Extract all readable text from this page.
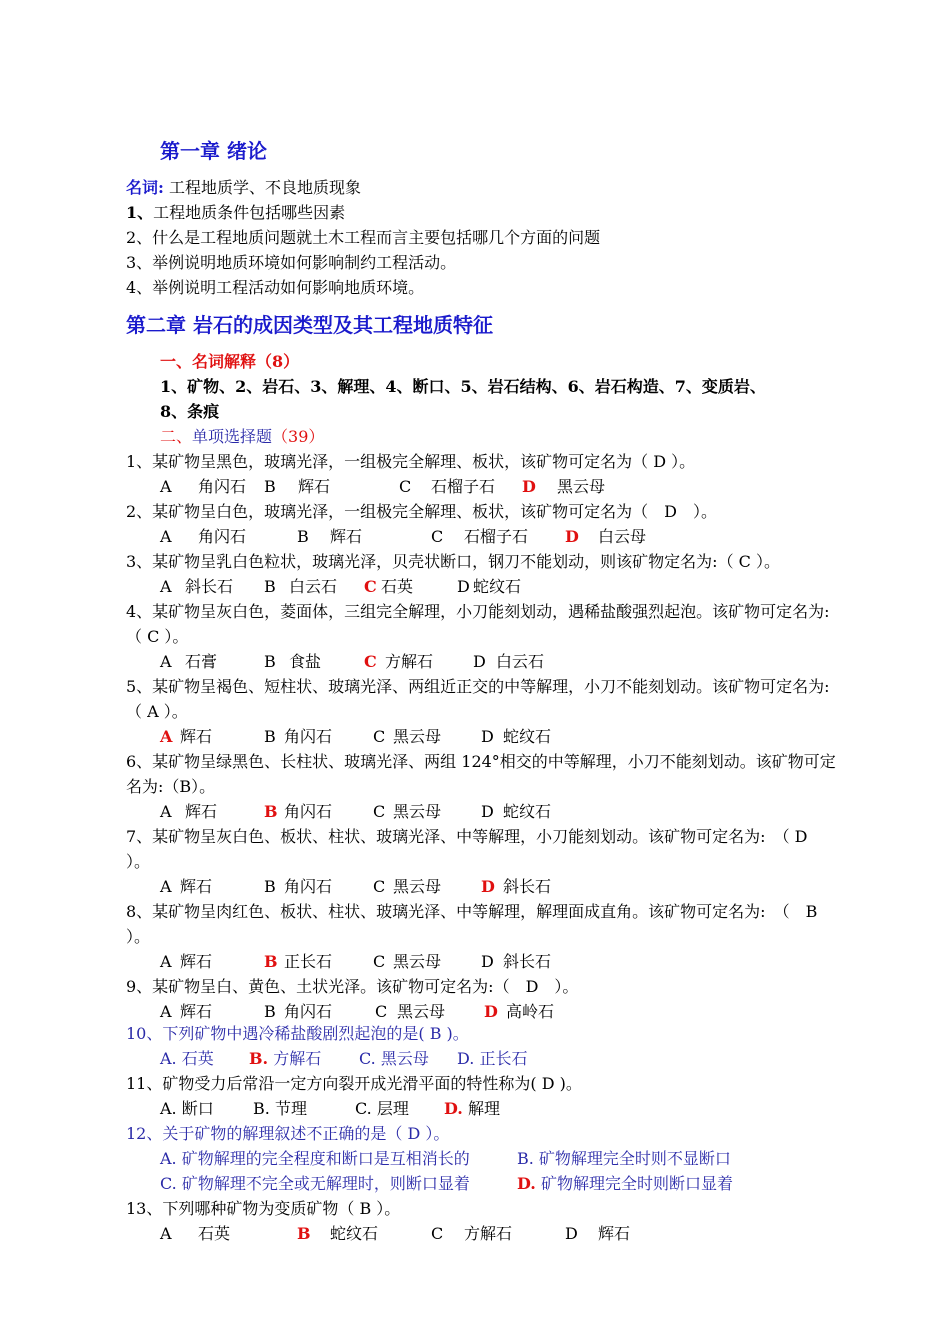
第一章 绪论
名词: 工程地质学、不良地质现象
1、工程地质条件包括哪些因素
2、什么是工程地质问题就土木工程而言主要包括哪几个方面的问题
3、举例说明地质环境如何影响制约工程活动。
4、举例说明工程活动如何影响地质环境。
第二章 岩石的成因类型及其工程地质特征
一、名词解释（8）
1、矿物、2、岩石、3、解理、4、断口、5、岩石结构、6、岩石构造、7、变质岩、
8、条痕
二、单项选择题（39）
1、某矿物呈黑色，玻璃光泽，一组极完全解理、板状，该矿物可定名为（ D ）。
A 角闪石 B 辉石	C 石榴子石 D 黑云母
2、某矿物呈白色，玻璃光泽，一组极完全解理、板状，该矿物可定名为（　D　）。
A 角闪石	B 辉石	C 石榴子石 D 白云母
3、某矿物呈乳白色粒状，玻璃光泽，贝壳状断口，钢刀不能划动，则该矿物定名为:（ C ）。
A 斜长石 B 白云石 C 石英	D 蛇纹石
4、某矿物呈灰白色，菱面体，三组完全解理，小刀能刻划动，遇稀盐酸强烈起泡。该矿物可定名为:
（ C ）。
A 石膏	B 食盐	C 方解石 D 白云石
5、某矿物呈褐色、短柱状、玻璃光泽、两组近正交的中等解理，小刀不能刻划动。该矿物可定名为:
（ A ）。
A 辉石	B 角闪石	C 黑云母 D 蛇纹石
6、某矿物呈绿黑色、长柱状、玻璃光泽、两组 124°相交的中等解理，小刀不能刻划动。该矿物可定
名为:（B）。
A 辉石	B 角闪石	C 黑云母 D 蛇纹石
7、某矿物呈灰白色、板状、柱状、玻璃光泽、中等解理，小刀能刻划动。该矿物可定名为:　（ D
）。
A 辉石	B 角闪石	C 黑云母 D 斜长石
8、某矿物呈肉红色、板状、柱状、玻璃光泽、中等解理，解理面成直角。该矿物可定名为:　（　B
）。
A 辉石	B 正长石	C 黑云母 D 斜长石
9、某矿物呈白、黄色、土状光泽。该矿物可定名为:（　D　）。
A 辉石	B 角闪石	C 黑云母 D 高岭石
10、下列矿物中遇冷稀盐酸剧烈起泡的是( B )。
A. 石英 B. 方解石 C. 黑云母 D. 正长石
11、矿物受力后常沿一定方向裂开成光滑平面的特性称为( D )。
A. 断口 B. 节理	C. 层理 D. 解理
12、关于矿物的解理叙述不正确的是（ D ）。
A. 矿物解理的完全程度和断口是互相消长的	B. 矿物解理完全时则不显断口
C. 矿物解理不完全或无解理时，则断口显着	D. 矿物解理完全时则断口显着
13、下列哪种矿物为变质矿物（ B ）。
A 石英	B 蛇纹石	C 方解石	D 辉石
